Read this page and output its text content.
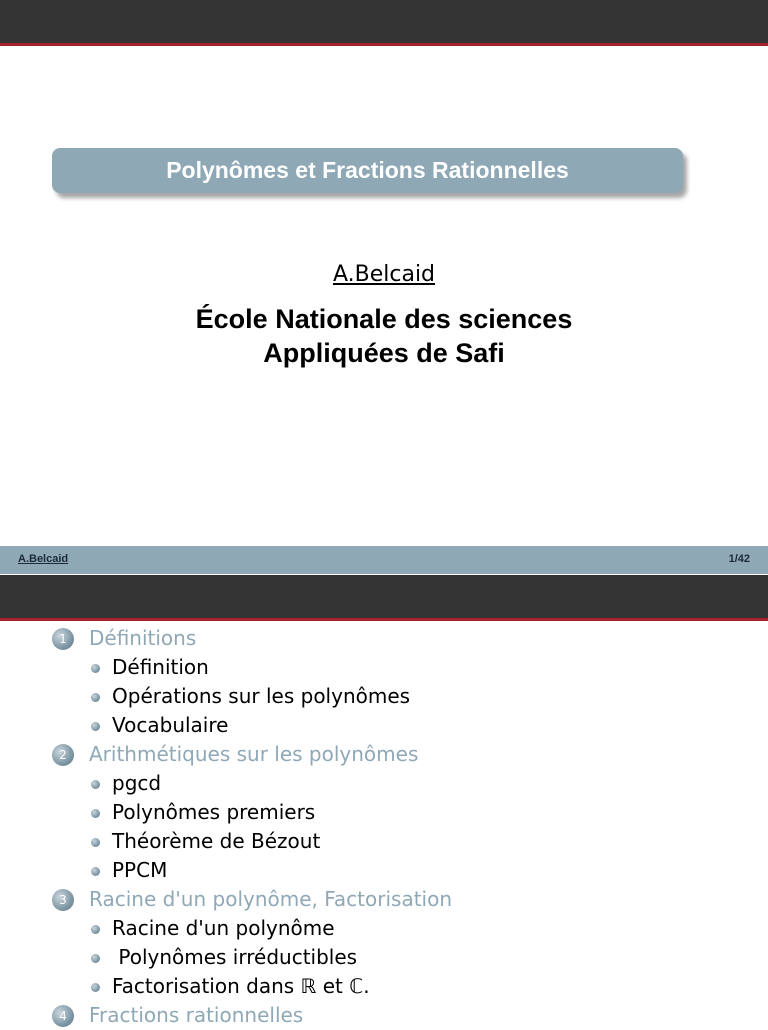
Polynômes et Fractions Rationnelles
A.Belcaid
École Nationale des sciences
Appliquées de Safi
A.Belcaid	1/42
1	Définitions
Définition
Opérations sur les polynômes
Vocabulaire
2	Arithmétiques sur les polynômes
pgcd
Polynômes premiers
Théorème de Bézout
PPCM
3	Racine d'un polynôme, Factorisation
Racine d'un polynôme
Polynômes irréductibles
Factorisation dans ℝ et ℂ.
4	Fractions rationnelles
